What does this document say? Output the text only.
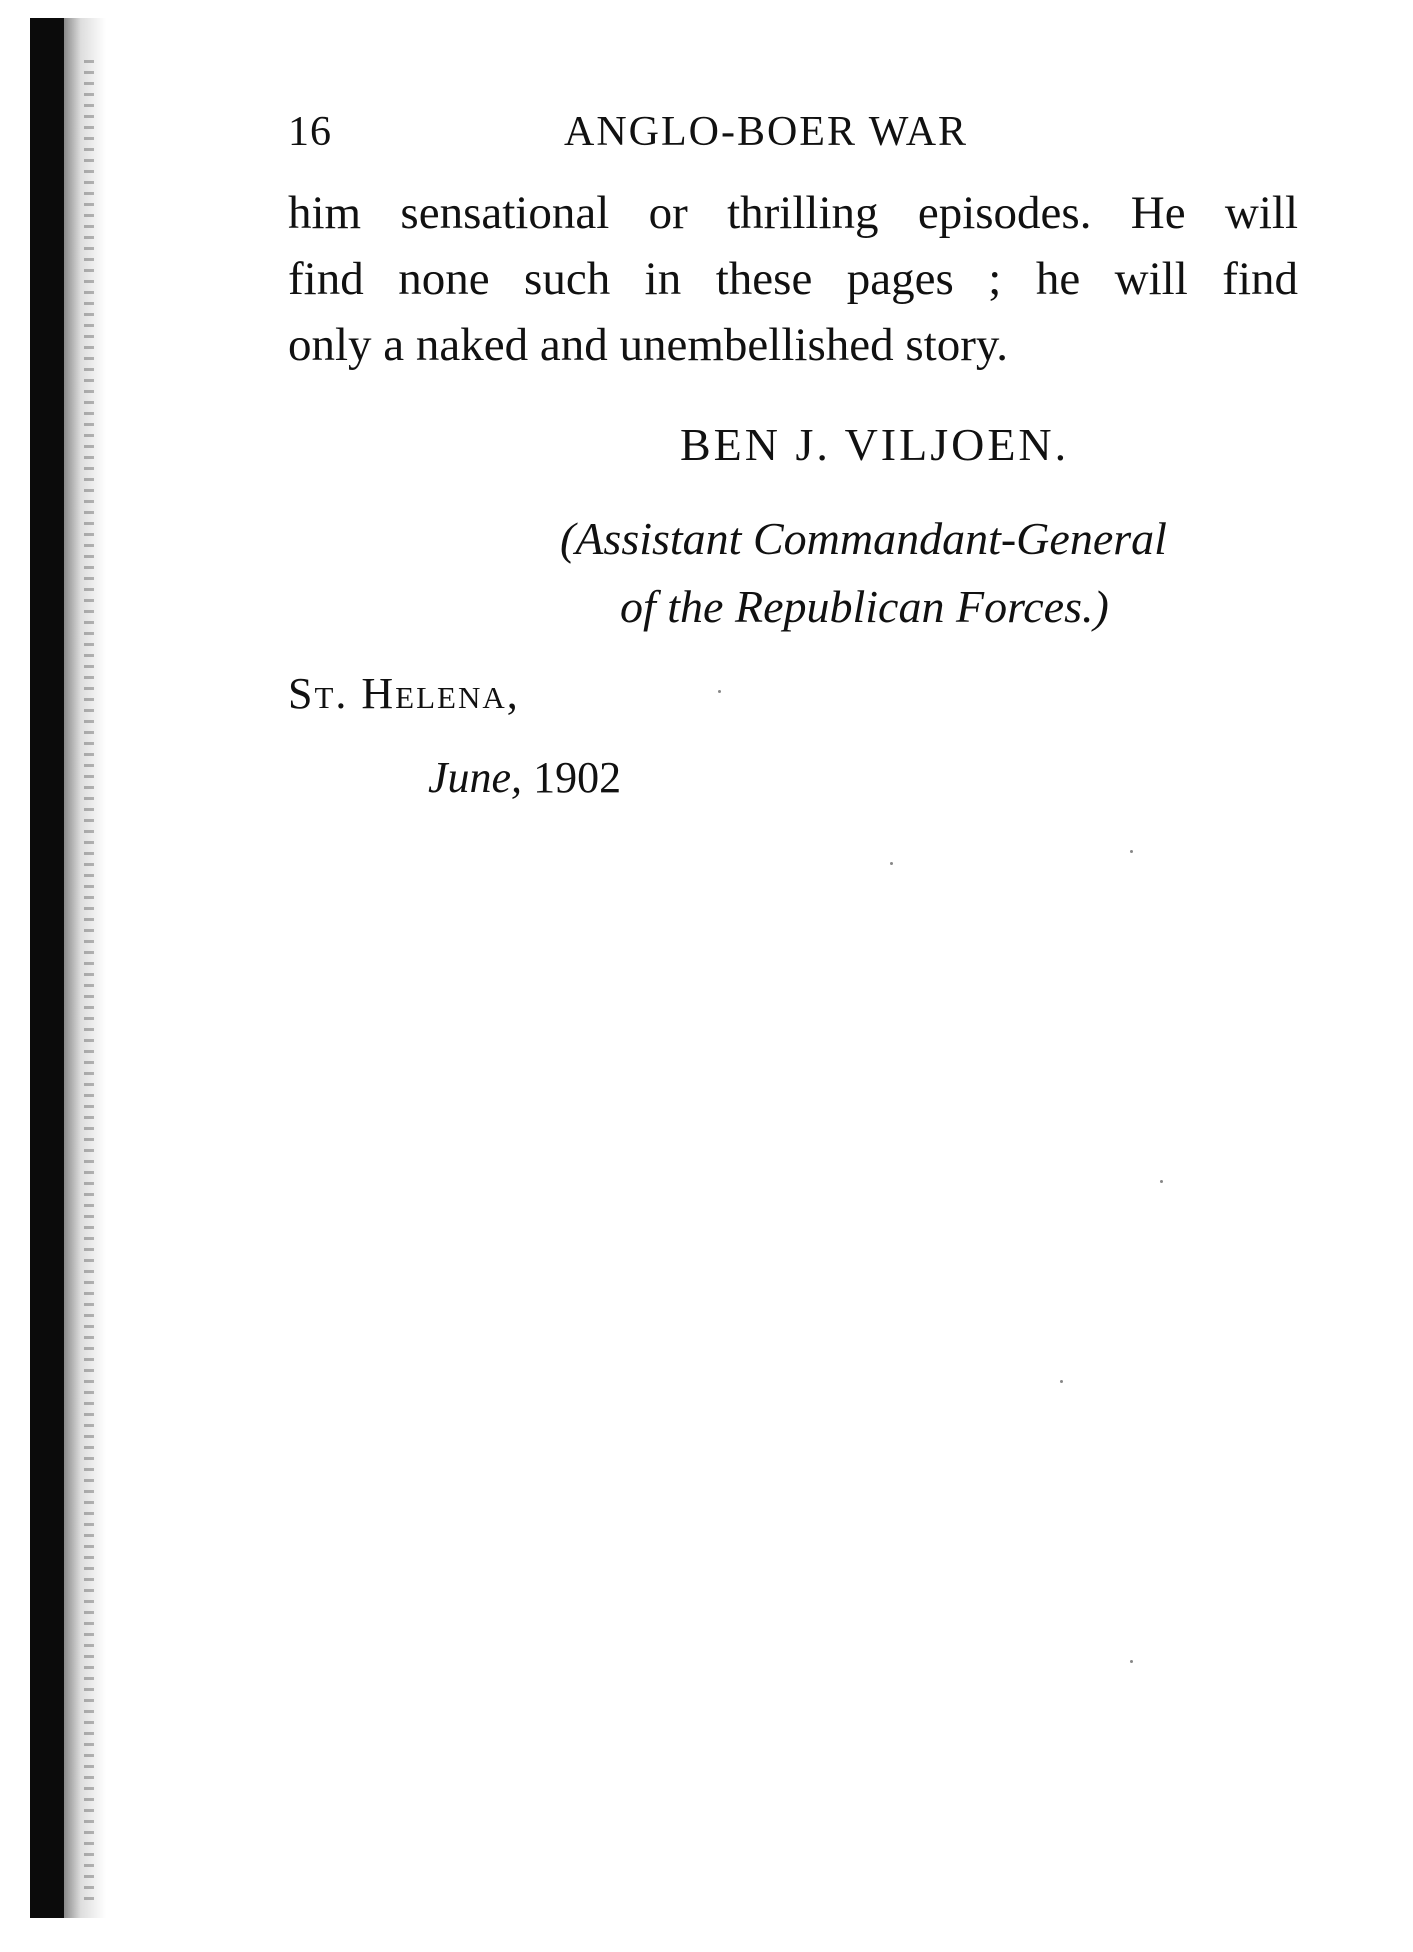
16	ANGLO-BOER WAR
him sensational or thrilling episodes. He will
find none such in these pages ; he will find
only a naked and unembellished story.
BEN J. VILJOEN.
(Assistant Commandant-General
of the Republican Forces.)
St. Helena,
June, 1902
